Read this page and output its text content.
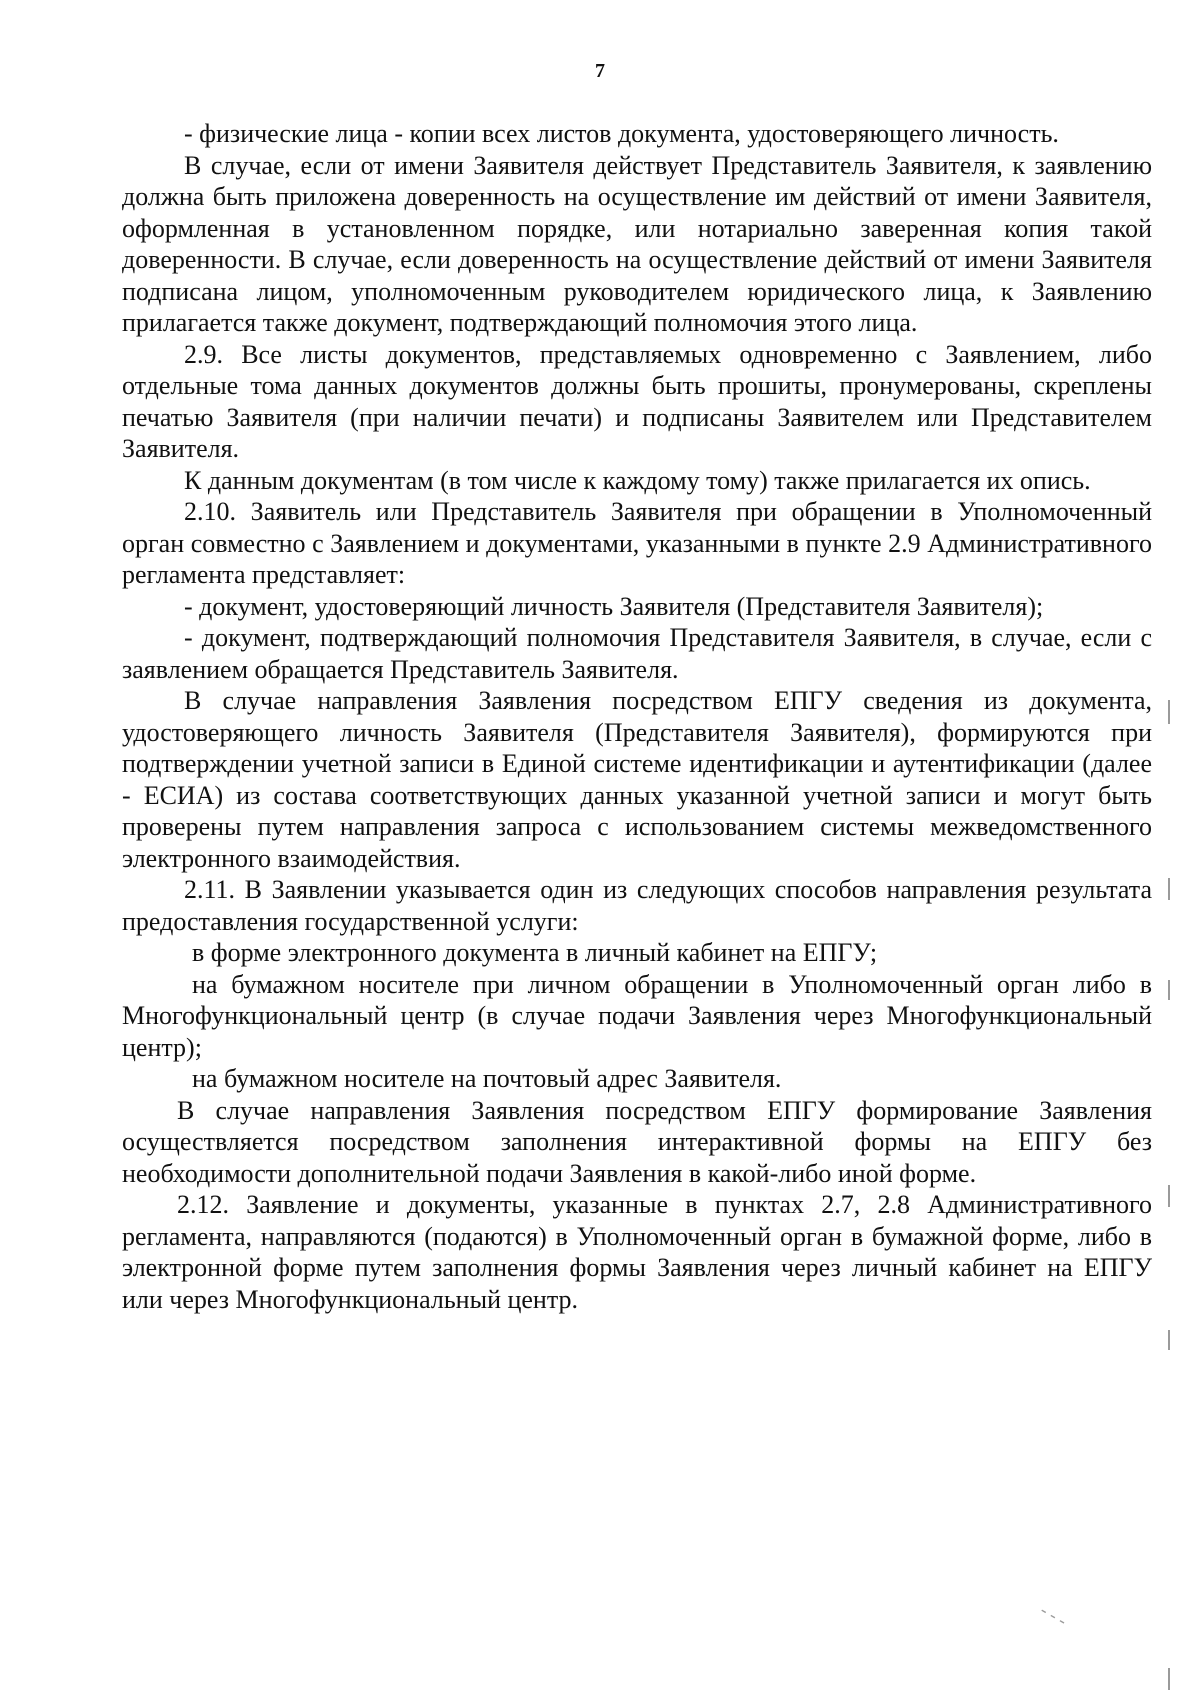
7

- физические лица - копии всех листов документа, удостоверяющего личность.

В случае, если от имени Заявителя действует Представитель Заявителя, к заявлению должна быть приложена доверенность на осуществление им действий от имени Заявителя, оформленная в установленном порядке, или нотариально заверенная копия такой доверенности. В случае, если доверенность на осуществление действий от имени Заявителя подписана лицом, уполномоченным руководителем юридического лица, к Заявлению прилагается также документ, подтверждающий полномочия этого лица.

2.9. Все листы документов, представляемых одновременно с Заявлением, либо отдельные тома данных документов должны быть прошиты, пронумерованы, скреплены печатью Заявителя (при наличии печати) и подписаны Заявителем или Представителем Заявителя.

К данным документам (в том числе к каждому тому) также прилагается их опись.

2.10. Заявитель или Представитель Заявителя при обращении в Уполномоченный орган совместно с Заявлением и документами, указанными в пункте 2.9 Административного регламента представляет:

- документ, удостоверяющий личность Заявителя (Представителя Заявителя);

- документ, подтверждающий полномочия Представителя Заявителя, в случае, если с заявлением обращается Представитель Заявителя.

В случае направления Заявления посредством ЕПГУ сведения из документа, удостоверяющего личность Заявителя (Представителя Заявителя), формируются при подтверждении учетной записи в Единой системе идентификации и аутентификации (далее - ЕСИА) из состава соответствующих данных указанной учетной записи и могут быть проверены путем направления запроса с использованием системы межведомственного электронного взаимодействия.

2.11. В Заявлении указывается один из следующих способов направления результата предоставления государственной услуги:

в форме электронного документа в личный кабинет на ЕПГУ;

на бумажном носителе при личном обращении в Уполномоченный орган либо в Многофункциональный центр (в случае подачи Заявления через Многофункциональный центр);

на бумажном носителе на почтовый адрес Заявителя.

В случае направления Заявления посредством ЕПГУ формирование Заявления осуществляется посредством заполнения интерактивной формы на ЕПГУ без необходимости дополнительной подачи Заявления в какой-либо иной форме.

2.12. Заявление и документы, указанные в пунктах 2.7, 2.8 Административного регламента, направляются (подаются) в Уполномоченный орган в бумажной форме, либо в электронной форме путем заполнения формы Заявления через личный кабинет на ЕПГУ или через Многофункциональный центр.

‐ ‐ ‐
